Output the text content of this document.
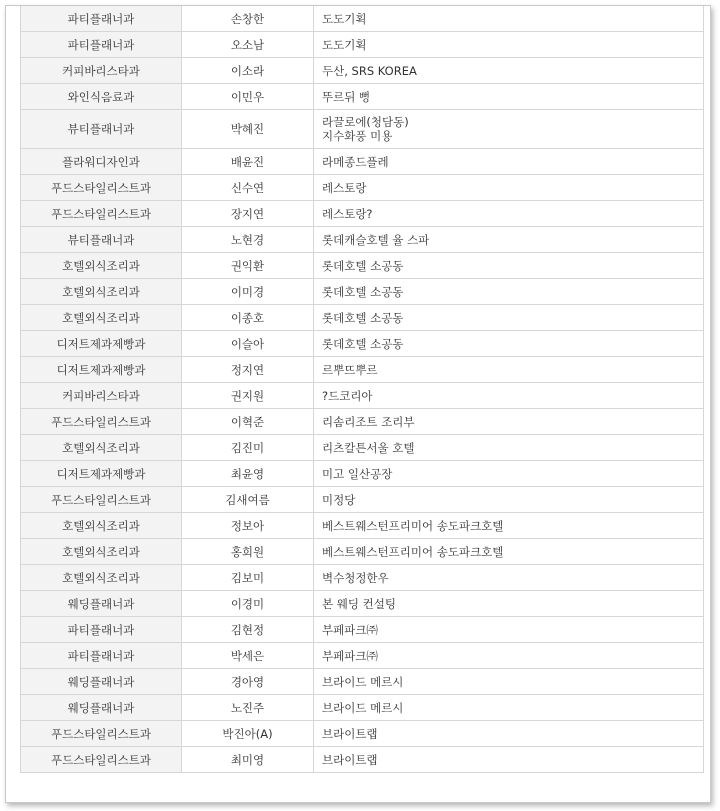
파티플래너과	손창한	도도기획
파티플래너과	오소남	도도기획
커피바리스타과	이소라	두산, SRS KOREA
와인식음료과	이민우	뚜르뒤 뻥
뷰티플래너과	박혜진	라끌로에(청담동)
지수화풍 미용
플라워디자인과	배윤진	라메종드플레
푸드스타일리스트과	신수연	레스토랑
푸드스타일리스트과	장지연	레스토랑?
뷰티플래너과	노현경	롯데캐슬호텔 율 스파
호텔외식조리과	권익환	롯데호텔 소공동
호텔외식조리과	이미경	롯데호텔 소공동
호텔외식조리과	이종호	롯데호텔 소공동
디저트제과제빵과	이슬아	롯데호텔 소공동
디저트제과제빵과	정지연	르뿌뜨뿌르
커피바리스타과	권지원	?드코리아
푸드스타일리스트과	이혁준	리솜리조트 조리부
호텔외식조리과	김진미	리츠칼튼서울 호텔
디저트제과제빵과	최윤영	미고 일산공장
푸드스타일리스트과	김새여름	미정당
호텔외식조리과	정보아	베스트웨스턴프리미어 송도파크호텔
호텔외식조리과	홍희원	베스트웨스턴프리미어 송도파크호텔
호텔외식조리과	김보미	벽수청정한우
웨딩플래너과	이경미	본 웨딩 컨설팅
파티플래너과	김현정	부페파크㈜
파티플래너과	박세은	부페파크㈜
웨딩플래너과	경아영	브라이드 메르시
웨딩플래너과	노진주	브라이드 메르시
푸드스타일리스트과	박진아(A)	브라이트랩
푸드스타일리스트과	최미영	브라이트랩
